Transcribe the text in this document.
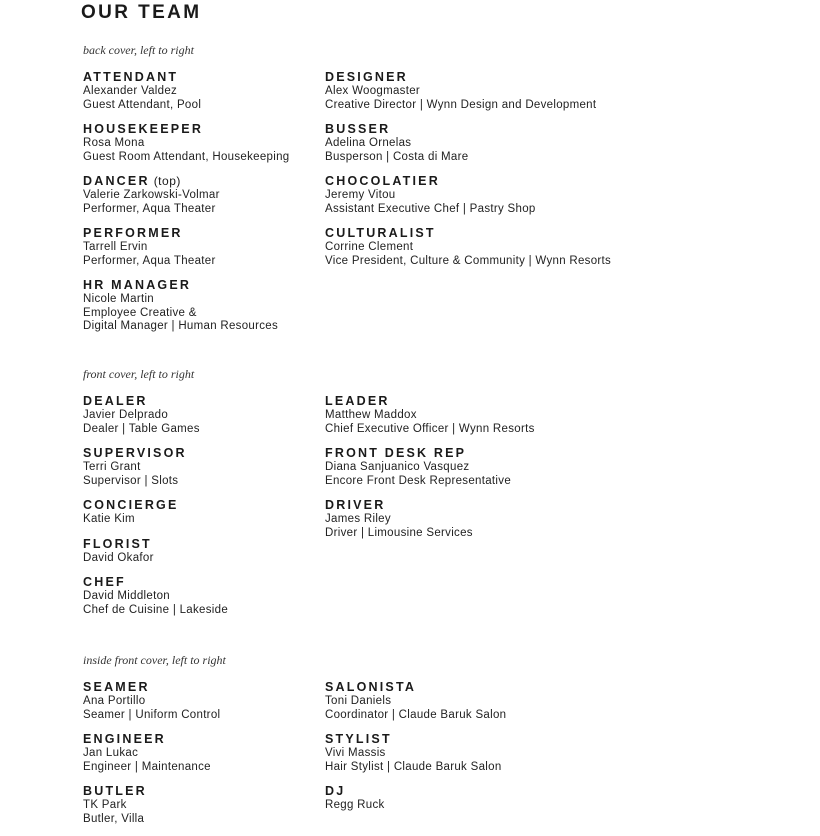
OUR TEAM

back cover, left to right

ATTENDANT
Alexander Valdez
Guest Attendant, Pool
HOUSEKEEPER
Rosa Mona
Guest Room Attendant, Housekeeping
DANCER (top)
Valerie Zarkowski-Volmar
Performer, Aqua Theater
PERFORMER
Tarrell Ervin
Performer, Aqua Theater
HR MANAGER
Nicole Martin
Employee Creative &
Digital Manager | Human Resources
DESIGNER
Alex Woogmaster
Creative Director | Wynn Design and Development
BUSSER
Adelina Ornelas
Busperson | Costa di Mare
CHOCOLATIER
Jeremy Vitou
Assistant Executive Chef | Pastry Shop
CULTURALIST
Corrine Clement
Vice President, Culture & Community | Wynn Resorts

front cover, left to right

DEALER
Javier Delprado
Dealer | Table Games
SUPERVISOR
Terri Grant
Supervisor | Slots
CONCIERGE
Katie Kim
FLORIST
David Okafor
CHEF
David Middleton
Chef de Cuisine | Lakeside
LEADER
Matthew Maddox
Chief Executive Officer | Wynn Resorts
FRONT DESK REP
Diana Sanjuanico Vasquez
Encore Front Desk Representative
DRIVER
James Riley
Driver | Limousine Services

inside front cover, left to right

SEAMER
Ana Portillo
Seamer | Uniform Control
ENGINEER
Jan Lukac
Engineer | Maintenance
BUTLER
TK Park
Butler, Villa
SALONISTA
Toni Daniels
Coordinator | Claude Baruk Salon
STYLIST
Vivi Massis
Hair Stylist | Claude Baruk Salon
DJ
Regg Ruck
